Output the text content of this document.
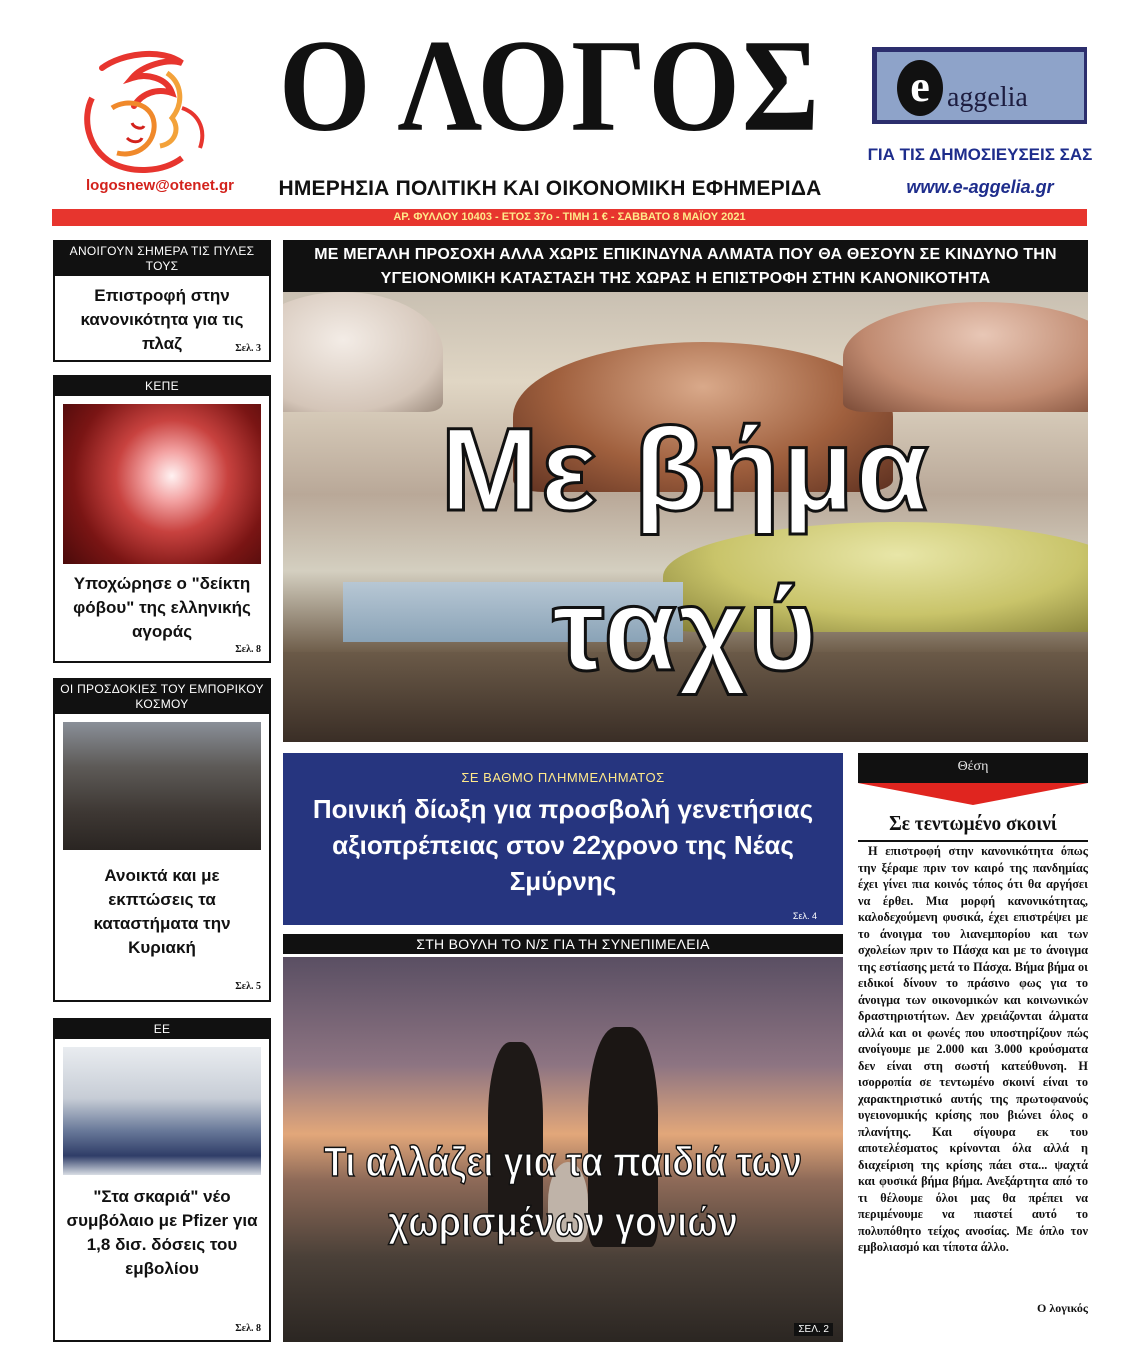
logosnew@otenet.gr
Ο ΛΟΓΟΣ
ΗΜΕΡΗΣΙΑ ΠΟΛΙΤΙΚΗ ΚΑΙ ΟΙΚΟΝΟΜΙΚΗ ΕΦΗΜΕΡΙΔΑ
e aggelia
ΓΙΑ ΤΙΣ ΔΗΜΟΣΙΕΥΣΕΙΣ ΣΑΣ
www.e-aggelia.gr
ΑΡ. ΦΥΛΛΟΥ 10403 - ΕΤΟΣ 37ο - ΤΙΜΗ 1 € - ΣΑΒΒΑΤΟ 8 ΜΑΪΟΥ 2021
ΑΝΟΙΓΟΥΝ ΣΗΜΕΡΑ ΤΙΣ ΠΥΛΕΣ ΤΟΥΣ
Επιστροφή στην κανονικότητα για τις πλαζ	Σελ. 3
ΚΕΠΕ
Υποχώρησε ο "δείκτη φόβου" της ελληνικής αγοράς
Σελ. 8
ΟΙ ΠΡΟΣΔΟΚΙΕΣ ΤΟΥ ΕΜΠΟΡΙΚΟΥ ΚΟΣΜΟΥ
Ανοικτά και με εκπτώσεις τα καταστήματα την Κυριακή
Σελ. 5
ΕΕ
"Στα σκαριά" νέο συμβόλαιο με Pfizer για 1,8 δισ. δόσεις του εμβολίου
Σελ. 8
ΜΕ ΜΕΓΑΛΗ ΠΡΟΣΟΧΗ ΑΛΛΑ ΧΩΡΙΣ ΕΠΙΚΙΝΔΥΝΑ ΑΛΜΑΤΑ ΠΟΥ ΘΑ ΘΕΣΟΥΝ ΣΕ ΚΙΝΔΥΝΟ ΤΗΝ ΥΓΕΙΟΝΟΜΙΚΗ ΚΑΤΑΣΤΑΣΗ ΤΗΣ ΧΩΡΑΣ Η ΕΠΙΣΤΡΟΦΗ ΣΤΗΝ ΚΑΝΟΝΙΚΟΤΗΤΑ
Με βήμα
ταχύ
ΣΕ ΒΑΘΜΟ ΠΛΗΜΜΕΛΗΜΑΤΟΣ
Ποινική δίωξη για προσβολή γενετήσιας αξιοπρέπειας στον 22χρονο της Νέας Σμύρνης
Σελ. 4
ΣΤΗ ΒΟΥΛΗ ΤΟ Ν/Σ ΓΙΑ ΤΗ ΣΥΝΕΠΙΜΕΛΕΙΑ
Τι αλλάζει για τα παιδιά των χωρισμένων γονιών
ΣΕΛ. 2
Θέση
Σε τεντωμένο σκοινί
Η επιστροφή στην κανονικότητα όπως την ξέραμε πριν τον καιρό της πανδημίας έχει γίνει πια κοινός τόπος ότι θα αργήσει να έρθει. Μια μορφή κανονικότητας, καλοδεχούμενη φυσικά, έχει επιστρέψει με το άνοιγμα του λιανεμπορίου και των σχολείων πριν το Πάσχα και με το άνοιγμα της εστίασης μετά το Πάσχα. Βήμα βήμα οι ειδικοί δίνουν το πράσινο φως για το άνοιγμα των οικονομικών και κοινωνικών δραστηριοτήτων. Δεν χρειάζονται άλματα αλλά και οι φωνές που υποστηρίζουν πώς ανοίγουμε με 2.000 και 3.000 κρούσματα δεν είναι στη σωστή κατεύθυνση. Η ισορροπία σε τεντωμένο σκοινί είναι το χαρακτηριστικό αυτής της πρωτοφανούς υγειονομικής κρίσης που βιώνει όλος ο πλανήτης. Και σίγουρα εκ του αποτελέσματος κρίνονται όλα αλλά η διαχείριση της κρίσης πάει στα... ψαχτά και φυσικά βήμα βήμα. Ανεξάρτητα από το τι θέλουμε όλοι μας θα πρέπει να περιμένουμε να πιαστεί αυτό το πολυπόθητο τείχος ανοσίας. Με όπλο τον εμβολιασμό και τίποτα άλλο.
Ο λογικός
